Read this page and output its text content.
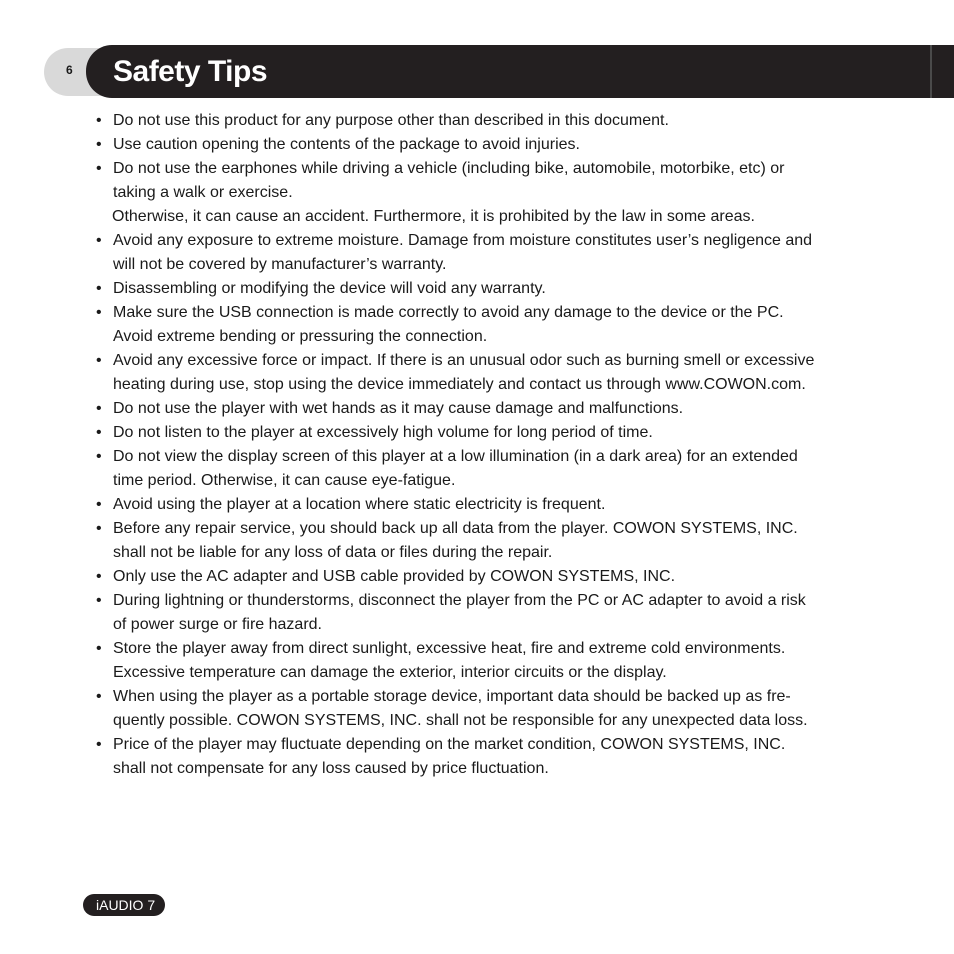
6 Safety Tips
• Do not use this product for any purpose other than described in this document.
• Use caution opening the contents of the package to avoid injuries.
• Do not use the earphones while driving a vehicle (including bike, automobile, motorbike, etc) or
taking a walk or exercise.
Otherwise, it can cause an accident. Furthermore, it is prohibited by the law in some areas.
• Avoid any exposure to extreme moisture. Damage from moisture constitutes user’s negligence and
will not be covered by manufacturer’s warranty.
• Disassembling or modifying the device will void any warranty.
• Make sure the USB connection is made correctly to avoid any damage to the device or the PC.
Avoid extreme bending or pressuring the connection.
• Avoid any excessive force or impact. If there is an unusual odor such as burning smell or excessive
heating during use, stop using the device immediately and contact us through www.COWON.com.
• Do not use the player with wet hands as it may cause damage and malfunctions.
• Do not listen to the player at excessively high volume for long period of time.
• Do not view the display screen of this player at a low illumination (in a dark area) for an extended
time period. Otherwise, it can cause eye-fatigue.
• Avoid using the player at a location where static electricity is frequent.
• Before any repair service, you should back up all data from the player. COWON SYSTEMS, INC.
shall not be liable for any loss of data or files during the repair.
• Only use the AC adapter and USB cable provided by COWON SYSTEMS, INC.
• During lightning or thunderstorms, disconnect the player from the PC or AC adapter to avoid a risk
of power surge or fire hazard.
• Store the player away from direct sunlight, excessive heat, fire and extreme cold environments.
Excessive temperature can damage the exterior, interior circuits or the display.
• When using the player as a portable storage device, important data should be backed up as fre-
quently possible. COWON SYSTEMS, INC. shall not be responsible for any unexpected data loss.
• Price of the player may fluctuate depending on the market condition, COWON SYSTEMS, INC.
shall not compensate for any loss caused by price fluctuation.
iAUDIO 7
